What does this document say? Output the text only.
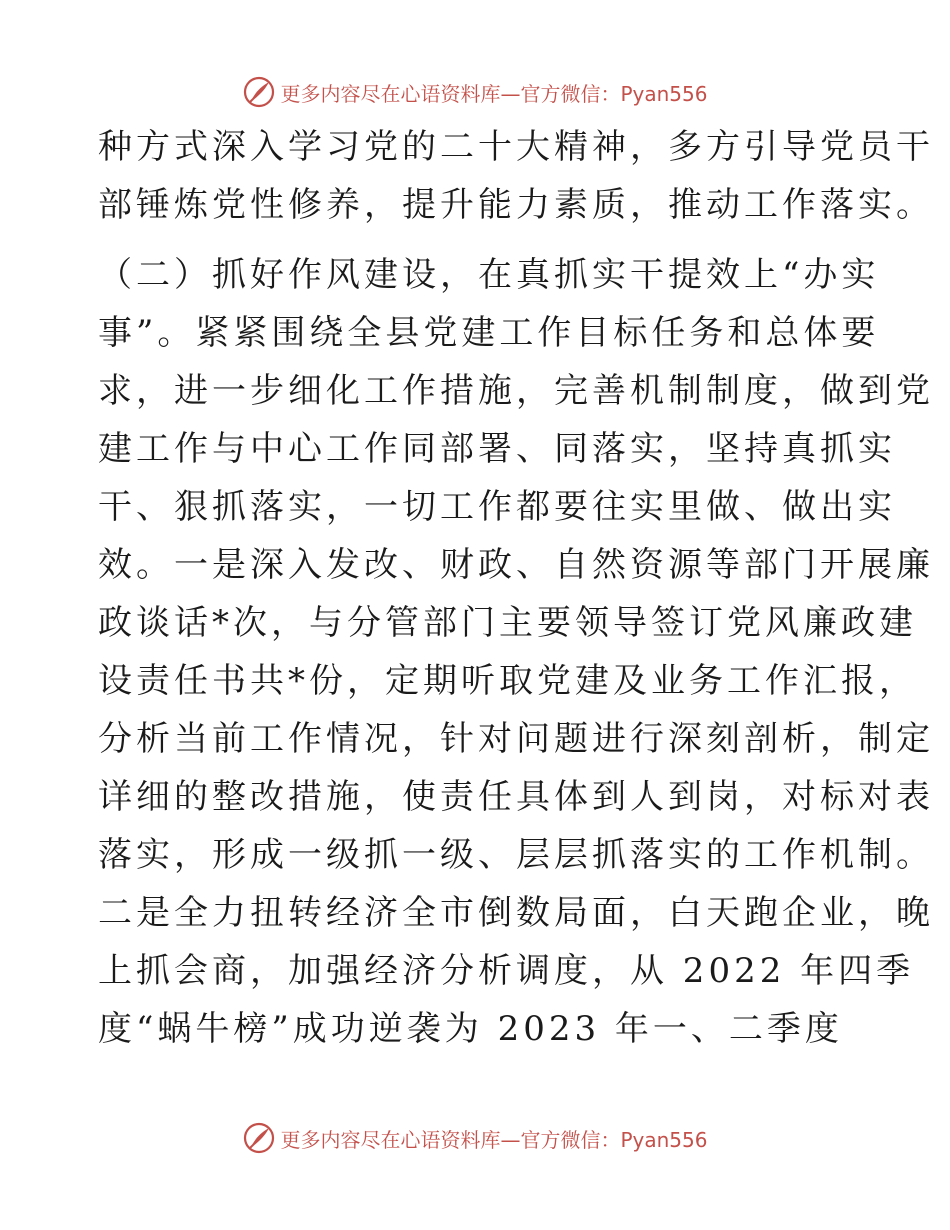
更多内容尽在心语资料库—官方微信：Pyan556
种方式深入学习党的二十大精神，多方引导党员干
部锤炼党性修养，提升能力素质，推动工作落实。
（二）抓好作风建设，在真抓实干提效上“办实
事”。紧紧围绕全县党建工作目标任务和总体要
求，进一步细化工作措施，完善机制制度，做到党
建工作与中心工作同部署、同落实，坚持真抓实
干、狠抓落实，一切工作都要往实里做、做出实
效。一是深入发改、财政、自然资源等部门开展廉
政谈话*次，与分管部门主要领导签订党风廉政建
设责任书共*份，定期听取党建及业务工作汇报，
分析当前工作情况，针对问题进行深刻剖析，制定
详细的整改措施，使责任具体到人到岗，对标对表
落实，形成一级抓一级、层层抓落实的工作机制。
二是全力扭转经济全市倒数局面，白天跑企业，晚
上抓会商，加强经济分析调度，从 2022 年四季
度“蜗牛榜”成功逆袭为 2023 年一、二季度
更多内容尽在心语资料库—官方微信：Pyan556
